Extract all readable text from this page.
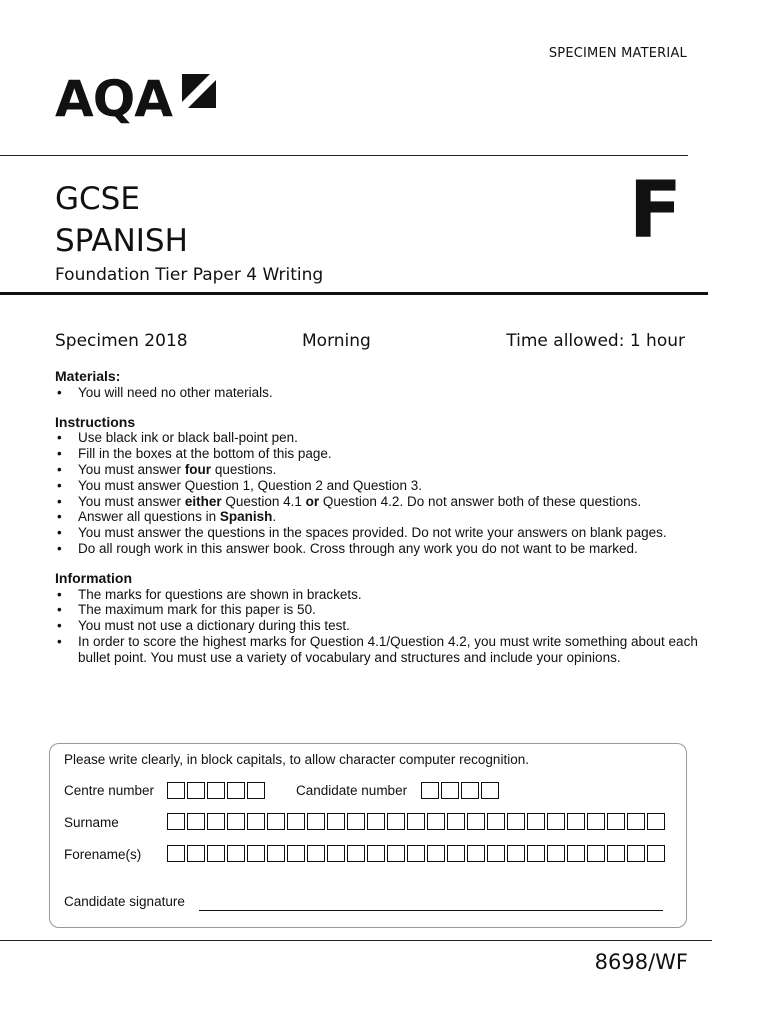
SPECIMEN MATERIAL
AQA
GCSE
SPANISH	F
Foundation Tier Paper 4 Writing
Specimen 2018	Morning	Time allowed: 1 hour

Materials:

• You will need no other materials.

Instructions

• Use black ink or black ball-point pen.
• Fill in the boxes at the bottom of this page.
• You must answer four questions.
• You must answer Question 1, Question 2 and Question 3.
• You must answer either Question 4.1 or Question 4.2. Do not answer both of these questions.
• Answer all questions in Spanish.
• You must answer the questions in the spaces provided. Do not write your answers on blank pages.
• Do all rough work in this answer book. Cross through any work you do not want to be marked.

Information

• The marks for questions are shown in brackets.
• The maximum mark for this paper is 50.
• You must not use a dictionary during this test.
• In order to score the highest marks for Question 4.1/Question 4.2, you must write something about each bullet point. You must use a variety of vocabulary and structures and include your opinions.
Please write clearly, in block capitals, to allow character computer recognition.
Centre number	Candidate number
Surname
Forename(s)
Candidate signature
8698/WF
